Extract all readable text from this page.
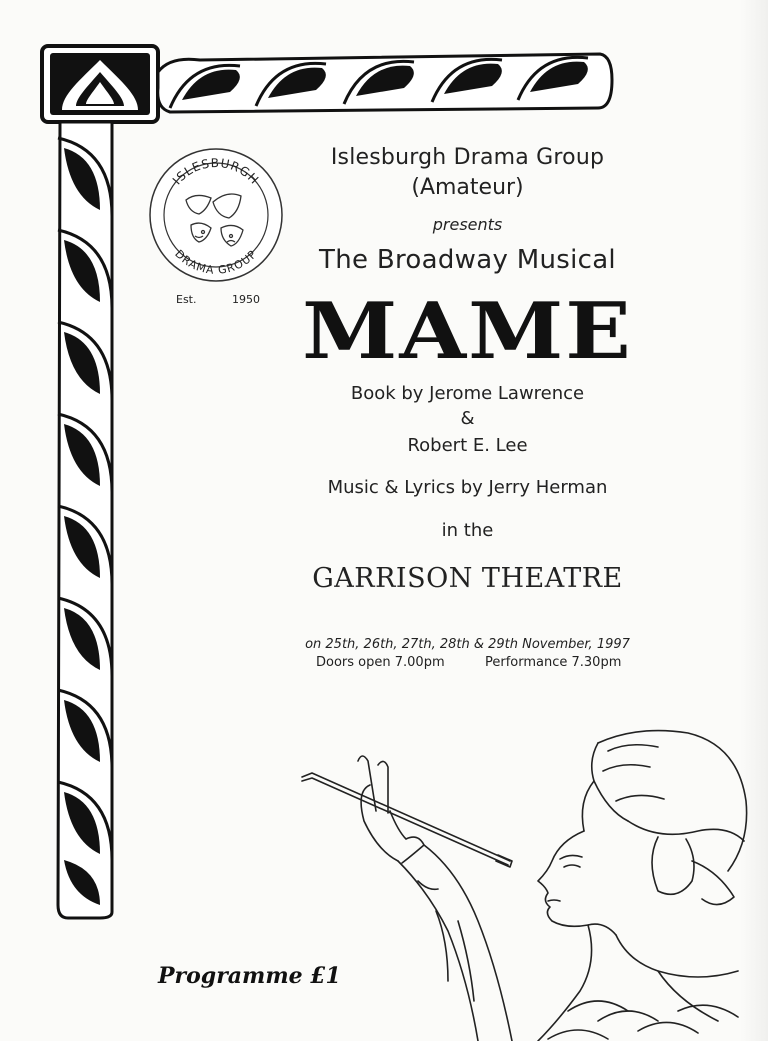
ISLESBURGH
DRAMA GROUP
Est.	1950
Islesburgh Drama Group
(Amateur)
presents
The Broadway Musical
MAME
Book by Jerome Lawrence
&
Robert E. Lee
Music & Lyrics by Jerry Herman
in the
GARRISON THEATRE
on 25th, 26th, 27th, 28th & 29th November, 1997
Doors open 7.00pm	Performance 7.30pm
Programme £1
